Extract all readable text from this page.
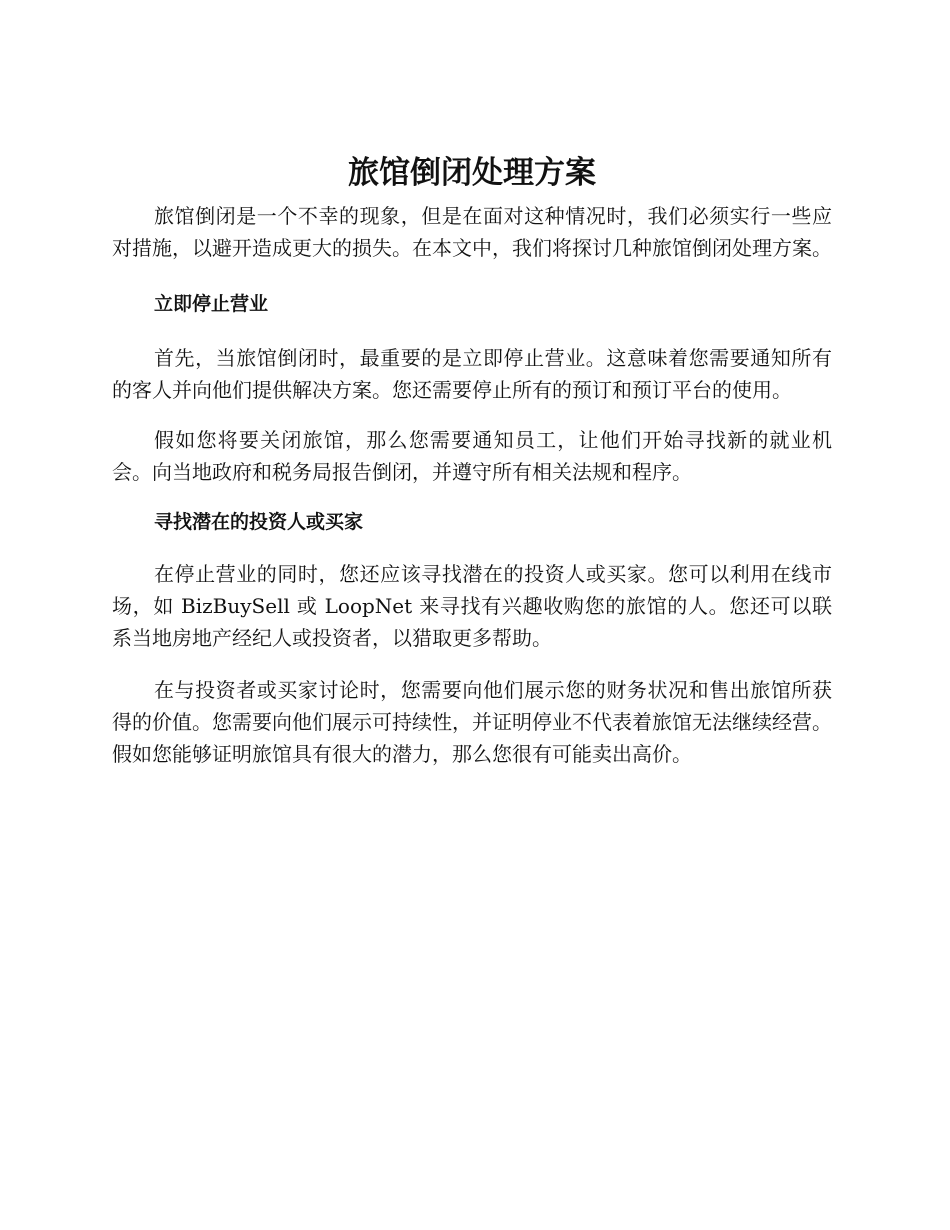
旅馆倒闭处理方案

旅馆倒闭是一个不幸的现象，但是在面对这种情况时，我们必须实行一些应对措施，以避开造成更大的损失。在本文中，我们将探讨几种旅馆倒闭处理方案。

立即停止营业

首先，当旅馆倒闭时，最重要的是立即停止营业。这意味着您需要通知所有的客人并向他们提供解决方案。您还需要停止所有的预订和预订平台的使用。

假如您将要关闭旅馆，那么您需要通知员工，让他们开始寻找新的就业机会。向当地政府和税务局报告倒闭，并遵守所有相关法规和程序。

寻找潜在的投资人或买家

在停止营业的同时，您还应该寻找潜在的投资人或买家。您可以利用在线市场，如 BizBuySell 或 LoopNet 来寻找有兴趣收购您的旅馆的人。您还可以联系当地房地产经纪人或投资者，以猎取更多帮助。

在与投资者或买家讨论时，您需要向他们展示您的财务状况和售出旅馆所获得的价值。您需要向他们展示可持续性，并证明停业不代表着旅馆无法继续经营。假如您能够证明旅馆具有很大的潜力，那么您很有可能卖出高价。
